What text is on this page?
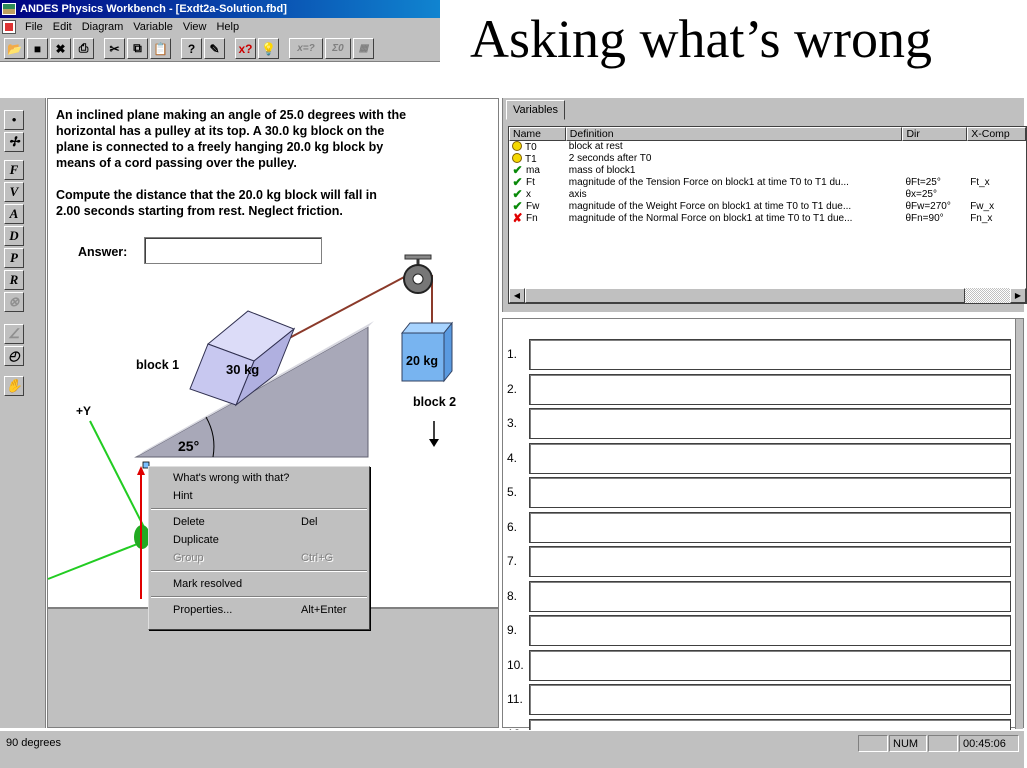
ANDES Physics Workbench - [Exdt2a-Solution.fbd]
File Edit Diagram Variable View Help
📂 ■	✖	⎙	✂	⧉ 📋	?	✎	x? 💡	x=?	Σ0	▦ Asking what’s wrong
•
✢
F
V
A
D
P
R
⊗
∠
◴
✋
25°
30 kg
block 1	20 kg
block 2
+Y
An inclined plane making an angle of 25.0 degrees with the
horizontal has a pulley at its top. A 30.0 kg block on the
plane is connected to a freely hanging 20.0 kg block by
means of a cord passing over the pulley.

Compute the distance that the 20.0 kg block will fall in
2.00 seconds starting from rest. Neglect friction.
Answer:
What's wrong with that?
Hint
Delete	Del
Duplicate
Group	Ctrl+G
Mark resolved
Properties...	Alt+Enter
Variables
Name	Definition	Dir	X-Comp
T0	block at rest
T1	2 seconds after T0
✔ ma	mass of block1
✔ Ft	magnitude of the Tension Force on block1 at time T0 to T1 du...	θFt=25°	Ft_x
✔ x	axis	θx=25°
✔ Fw	magnitude of the Weight Force on block1 at time T0 to T1 due...	θFw=270°	Fw_x
✘ Fn	magnitude of the Normal Force on block1 at time T0 to T1 due...	θFn=90°	Fn_x
◀	▶
1.
2.
3.
4.
5.
6.
7.
8.
9.
10.
11.
90 degrees	NUM	00:45:06
